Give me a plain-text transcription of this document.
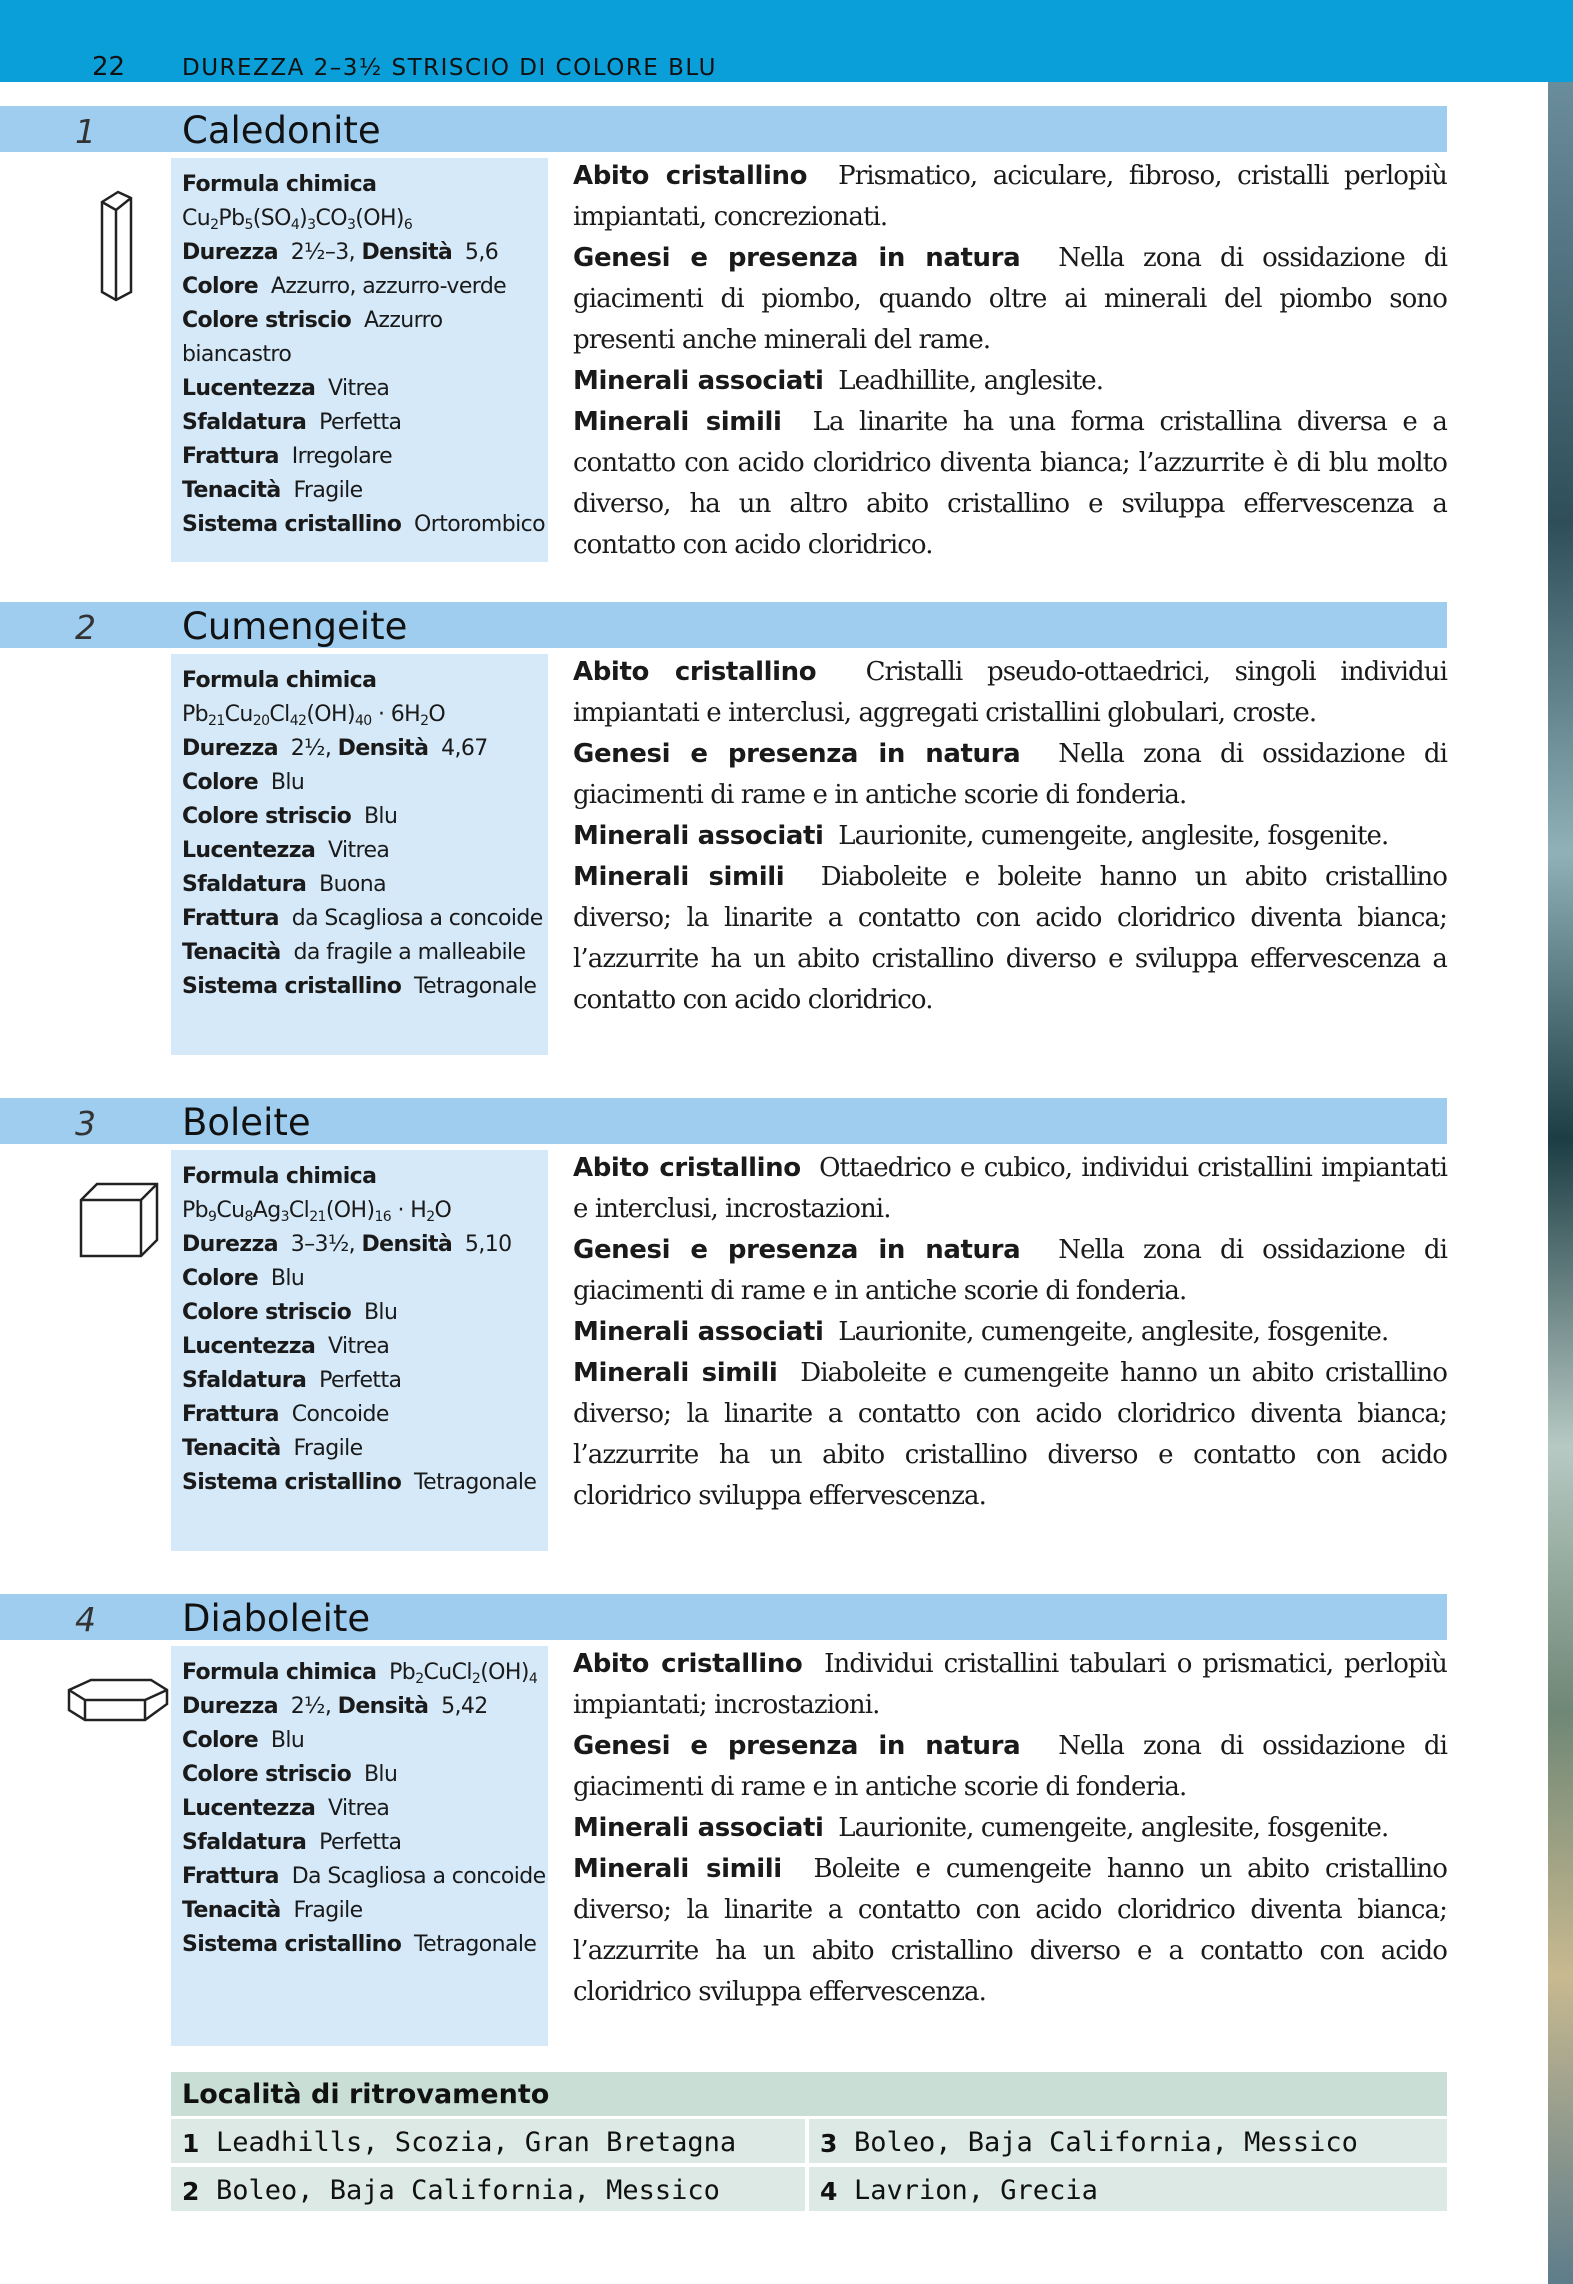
22 DUREZZA 2–3½ STRISCIO DI COLORE BLU
1 Caledonite
Formula chimica
$Cu_2Pb_5(SO_4)_3CO_3(OH)_6$
Durezza 2½–3, Densità 5,6
Colore Azzurro, azzurro-verde
Colore striscio Azzurro biancastro
Lucentezza Vitrea
Sfaldatura Perfetta
Frattura Irregolare
Tenacità Fragile
Sistema cristallino Ortorombico

Abito cristallino Prismatico, aciculare, fibroso, cristalli perlopiù impiantati, concrezionati.

Genesi e presenza in natura Nella zona di ossidazione di giacimenti di piombo, quando oltre ai minerali del piombo sono presenti anche minerali del rame.

Minerali associati Leadhillite, anglesite.

Minerali simili La linarite ha una forma cristallina diversa e a contatto con acido cloridrico diventa bianca; l’azzurrite è di blu molto diverso, ha un altro abito cristallino e sviluppa effervescenza a contatto con acido cloridrico.

2 Cumengeite
Formula chimica
$Pb_{21}Cu_{20}Cl_{42}(OH)_{40} \cdot 6H_2O$
Durezza 2½, Densità 4,67
Colore Blu
Colore striscio Blu
Lucentezza Vitrea
Sfaldatura Buona
Frattura da Scagliosa a concoide
Tenacità da fragile a malleabile
Sistema cristallino Tetragonale

Abito cristallino Cristalli pseudo-ottaedrici, singoli individui impiantati e interclusi, aggregati cristallini globulari, croste.

Genesi e presenza in natura Nella zona di ossidazione di giacimenti di rame e in antiche scorie di fonderia.

Minerali associati Laurionite, cumengeite, anglesite, fosgenite.

Minerali simili Diaboleite e boleite hanno un abito cristallino diverso; la linarite a contatto con acido cloridrico diventa bianca; l’azzurrite ha un abito cristallino diverso e sviluppa effervescenza a contatto con acido cloridrico.

3 Boleite
Formula chimica
$Pb_9Cu_8Ag_3Cl_{21}(OH)_{16} \cdot H_2O$
Durezza 3–3½, Densità 5,10
Colore Blu
Colore striscio Blu
Lucentezza Vitrea
Sfaldatura Perfetta
Frattura Concoide
Tenacità Fragile
Sistema cristallino Tetragonale

Abito cristallino Ottaedrico e cubico, individui cristallini impiantati e interclusi, incrostazioni.

Genesi e presenza in natura Nella zona di ossidazione di giacimenti di rame e in antiche scorie di fonderia.

Minerali associati Laurionite, cumengeite, anglesite, fosgenite.

Minerali simili Diaboleite e cumengeite hanno un abito cristallino diverso; la linarite a contatto con acido cloridrico diventa bianca; l’azzurrite ha un abito cristallino diverso e contatto con acido cloridrico sviluppa effervescenza.

4 Diaboleite
Formula chimica $Pb_2CuCl_2(OH)_4$
Durezza 2½, Densità 5,42
Colore Blu
Colore striscio Blu
Lucentezza Vitrea
Sfaldatura Perfetta
Frattura Da Scagliosa a concoide
Tenacità Fragile
Sistema cristallino Tetragonale

Abito cristallino Individui cristallini tabulari o prismatici, perlopiù impiantati; incrostazioni.

Genesi e presenza in natura Nella zona di ossidazione di giacimenti di rame e in antiche scorie di fonderia.

Minerali associati Laurionite, cumengeite, anglesite, fosgenite.

Minerali simili Boleite e cumengeite hanno un abito cristallino diverso; la linarite a contatto con acido cloridrico diventa bianca; l’azzurrite ha un abito cristallino diverso e a contatto con acido cloridrico sviluppa effervescenza.

Località di ritrovamento
1 Leadhills, Scozia, Gran Bretagna	3 Boleo, Baja California, Messico
2 Boleo, Baja California, Messico	4 Lavrion, Grecia
